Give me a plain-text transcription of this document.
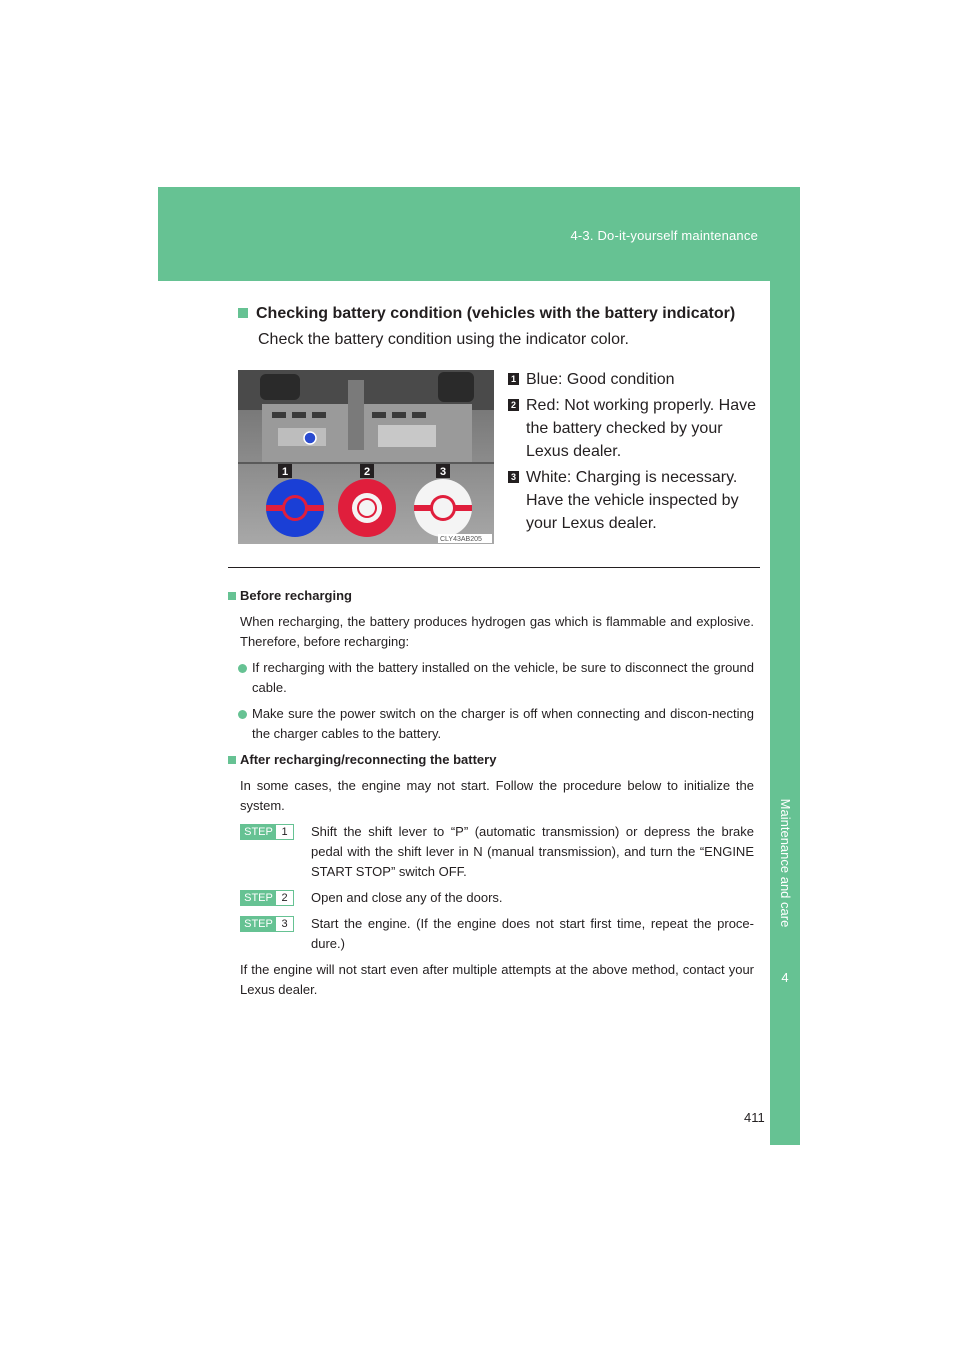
4-3. Do-it-yourself maintenance
Maintenance and care
4
Checking battery condition (vehicles with the battery indicator)
Check the battery condition using the indicator color.
1	2	3
CLY43AB205
1 Blue: Good condition
2 Red: Not working properly. Have the battery checked by your Lexus dealer.
3 White: Charging is necessary. Have the vehicle inspected by your Lexus dealer.

Before recharging

When recharging, the battery produces hydrogen gas which is flammable and explosive. Therefore, before recharging:

If recharging with the battery installed on the vehicle, be sure to disconnect the ground cable.

Make sure the power switch on the charger is off when connecting and discon-necting the charger cables to the battery.

After recharging/reconnecting the battery

In some cases, the engine may not start. Follow the procedure below to initialize the system.

STEP 1	Shift the shift lever to “P” (automatic transmission) or depress the brake pedal with the shift lever in N (manual transmission), and turn the “ENGINE START STOP” switch OFF.
STEP 2	Open and close any of the doors.
STEP 3	Start the engine. (If the engine does not start first time, repeat the proce-dure.)

If the engine will not start even after multiple attempts at the above method, contact your Lexus dealer.

411
